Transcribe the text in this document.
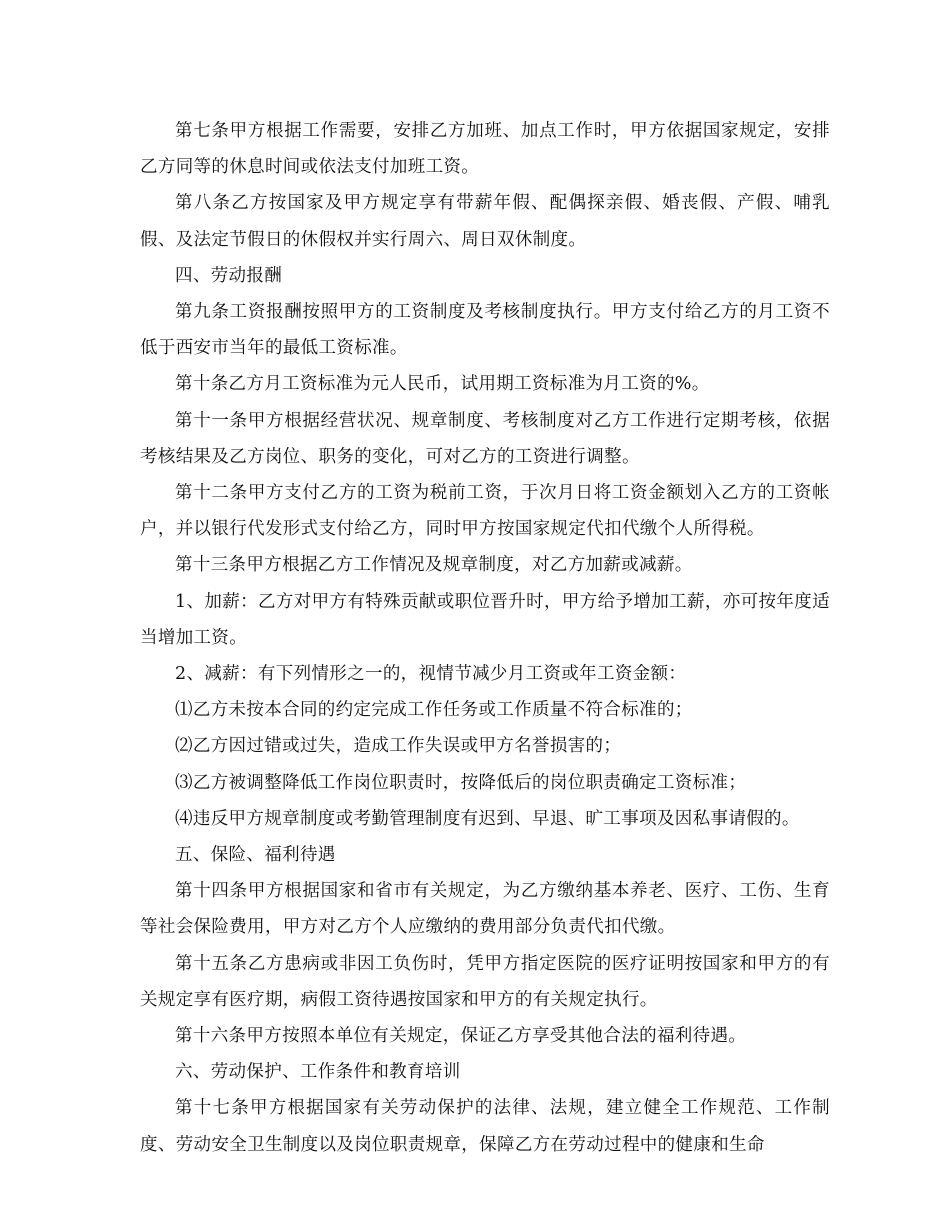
第七条甲方根据工作需要，安排乙方加班、加点工作时，甲方依据国家规定，安排乙方同等的休息时间或依法支付加班工资。

第八条乙方按国家及甲方规定享有带薪年假、配偶探亲假、婚丧假、产假、哺乳假、及法定节假日的休假权并实行周六、周日双休制度。

四、劳动报酬

第九条工资报酬按照甲方的工资制度及考核制度执行。甲方支付给乙方的月工资不低于西安市当年的最低工资标准。

第十条乙方月工资标准为元人民币，试用期工资标准为月工资的%。

第十一条甲方根据经营状况、规章制度、考核制度对乙方工作进行定期考核，依据考核结果及乙方岗位、职务的变化，可对乙方的工资进行调整。

第十二条甲方支付乙方的工资为税前工资，于次月日将工资金额划入乙方的工资帐户，并以银行代发形式支付给乙方，同时甲方按国家规定代扣代缴个人所得税。

第十三条甲方根据乙方工作情况及规章制度，对乙方加薪或减薪。

1、加薪：乙方对甲方有特殊贡献或职位晋升时，甲方给予增加工薪，亦可按年度适当增加工资。

2、减薪：有下列情形之一的，视情节减少月工资或年工资金额：

⑴乙方未按本合同的约定完成工作任务或工作质量不符合标准的；

⑵乙方因过错或过失，造成工作失误或甲方名誉损害的；

⑶乙方被调整降低工作岗位职责时，按降低后的岗位职责确定工资标准；

⑷违反甲方规章制度或考勤管理制度有迟到、早退、旷工事项及因私事请假的。

五、保险、福利待遇

第十四条甲方根据国家和省市有关规定，为乙方缴纳基本养老、医疗、工伤、生育等社会保险费用，甲方对乙方个人应缴纳的费用部分负责代扣代缴。

第十五条乙方患病或非因工负伤时，凭甲方指定医院的医疗证明按国家和甲方的有关规定享有医疗期，病假工资待遇按国家和甲方的有关规定执行。

第十六条甲方按照本单位有关规定，保证乙方享受其他合法的福利待遇。

六、劳动保护、工作条件和教育培训

第十七条甲方根据国家有关劳动保护的法律、法规，建立健全工作规范、工作制度、劳动安全卫生制度以及岗位职责规章，保障乙方在劳动过程中的健康和生命
